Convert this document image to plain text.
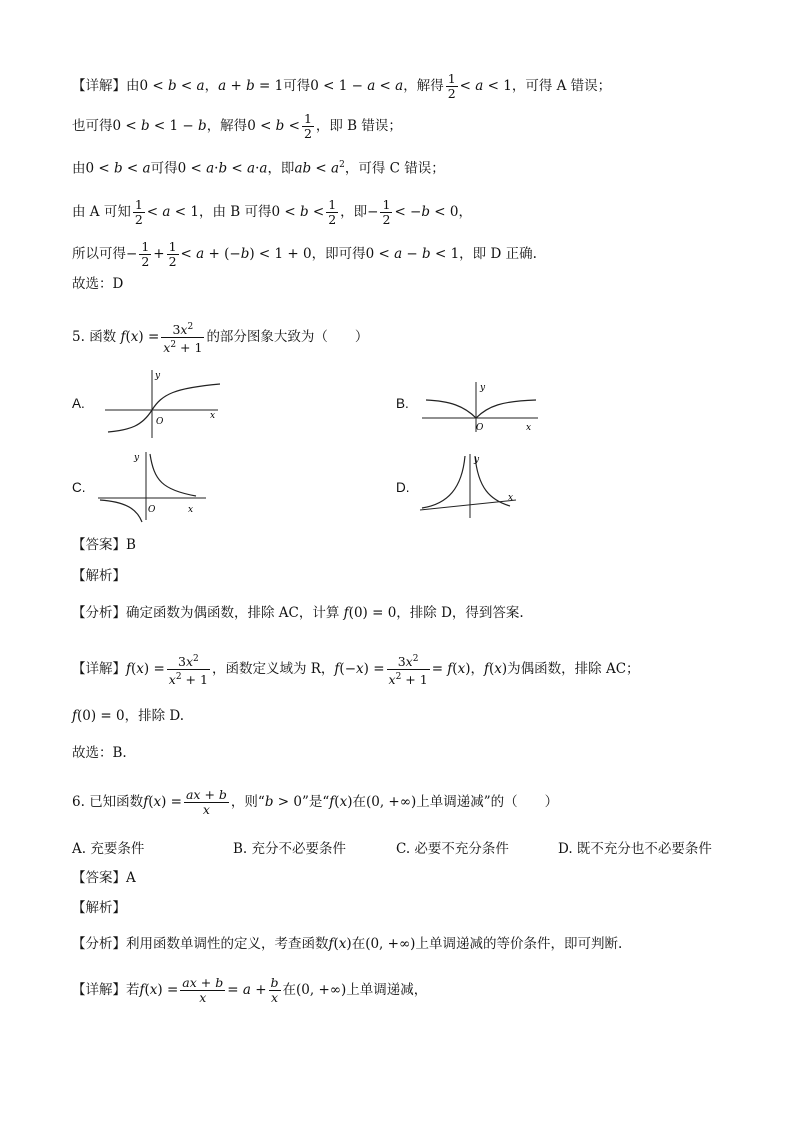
【详解】由0 < b < a，a + b = 1可得0 < 1 − a < a，解得 $\frac{1}{2} < a < 1$，可得 A 错误；
也可得0 < b < 1 − b，解得$0 < b < \frac{1}{2}$ ，即 B 错误；
由0 < b < a可得0 < a·b < a·a，即ab < $a^2$，可得 C 错误；
由 A 可知 $\frac{1}{2} < a < 1$，由 B 可得$0 < b < \frac{1}{2}$ ，即− $\frac{1}{2} < -b < 0$，
所以可得− $\frac{1}{2} + \frac{1}{2} < a + (-b) < 1 + 0$，即可得0 < a − b < 1，即 D 正确.
故选：D
5. 函数 $f(x) = \frac{3x^2}{x^2 + 1}$ 的部分图象大致为（　　）
A.	B.
C.	D.
y
x
O
y
x
O
y
x
O
y
x
【答案】B
【解析】
【分析】确定函数为偶函数，排除 AC，计算 f(0) = 0，排除 D，得到答案.
【详解】$f(x) = \frac{3x^2}{x^2 + 1}$ ，函数定义域为 R，$f(-x) = \frac{3x^2}{x^2 + 1} = f(x)$，f(x)为偶函数，排除 AC；
f(0) = 0，排除 D.
故选：B.
6. 已知函数$f(x) = \frac{ax + b}{x}$ ，则“b > 0”是“f(x)在(0, +∞)上单调递减”的（　　）
A. 充要条件	B. 充分不必要条件	C. 必要不充分条件	D. 既不充分也不必要条件
【答案】A
【解析】
【分析】利用函数单调性的定义，考查函数f(x)在(0, +∞)上单调递减的等价条件，即可判断.
【详解】若$f(x) = \frac{ax + b}{x} = a + \frac{b}{x}$ 在(0, +∞)上单调递减，
